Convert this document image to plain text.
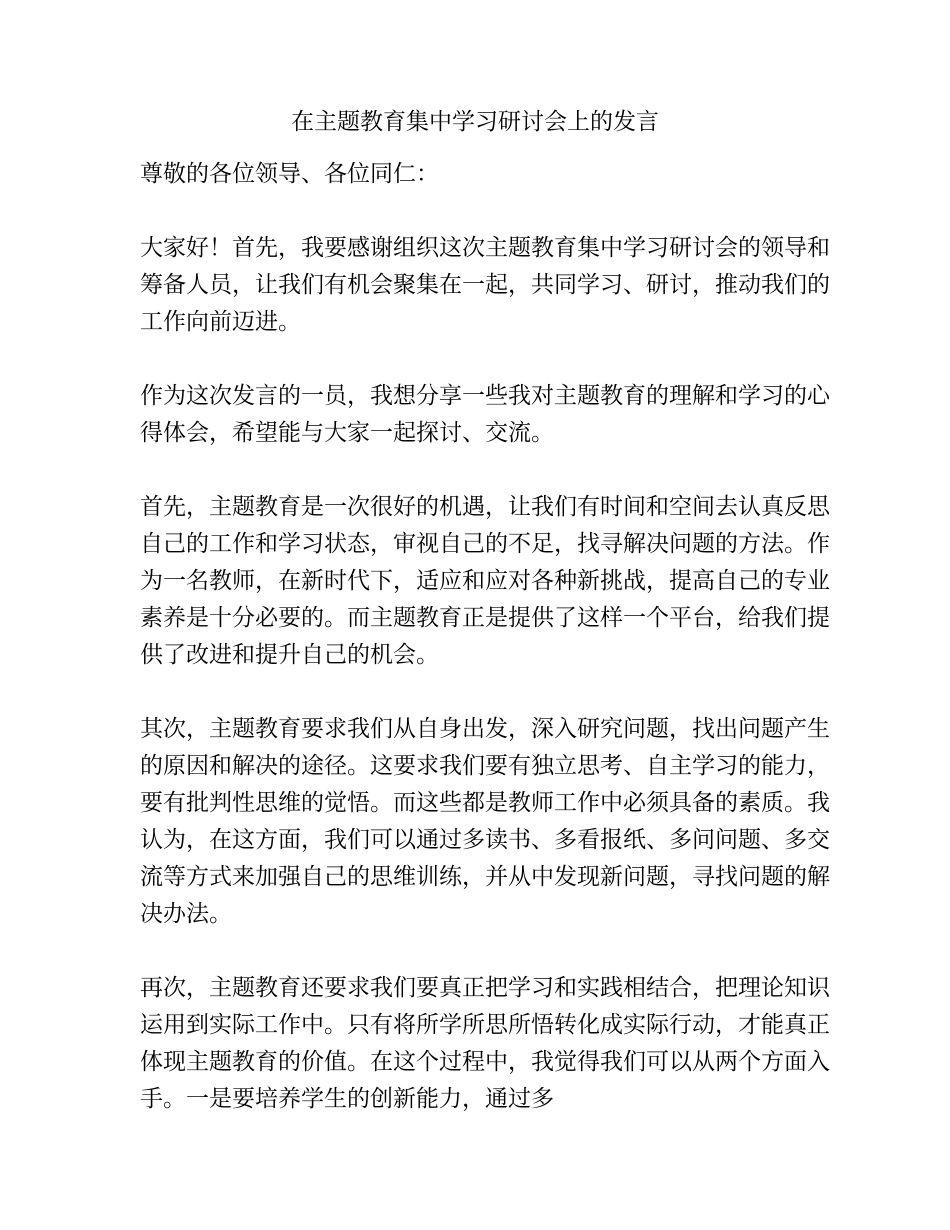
在主题教育集中学习研讨会上的发言

尊敬的各位领导、各位同仁：

大家好！首先，我要感谢组织这次主题教育集中学习研讨会的领导和筹备人员，让我们有机会聚集在一起，共同学习、研讨，推动我们的工作向前迈进。

作为这次发言的一员，我想分享一些我对主题教育的理解和学习的心得体会，希望能与大家一起探讨、交流。

首先，主题教育是一次很好的机遇，让我们有时间和空间去认真反思自己的工作和学习状态，审视自己的不足，找寻解决问题的方法。作为一名教师，在新时代下，适应和应对各种新挑战，提高自己的专业素养是十分必要的。而主题教育正是提供了这样一个平台，给我们提供了改进和提升自己的机会。

其次，主题教育要求我们从自身出发，深入研究问题，找出问题产生的原因和解决的途径。这要求我们要有独立思考、自主学习的能力，要有批判性思维的觉悟。而这些都是教师工作中必须具备的素质。我认为，在这方面，我们可以通过多读书、多看报纸、多问问题、多交流等方式来加强自己的思维训练，并从中发现新问题，寻找问题的解决办法。

再次，主题教育还要求我们要真正把学习和实践相结合，把理论知识运用到实际工作中。只有将所学所思所悟转化成实际行动，才能真正体现主题教育的价值。在这个过程中，我觉得我们可以从两个方面入手。一是要培养学生的创新能力，通过多
